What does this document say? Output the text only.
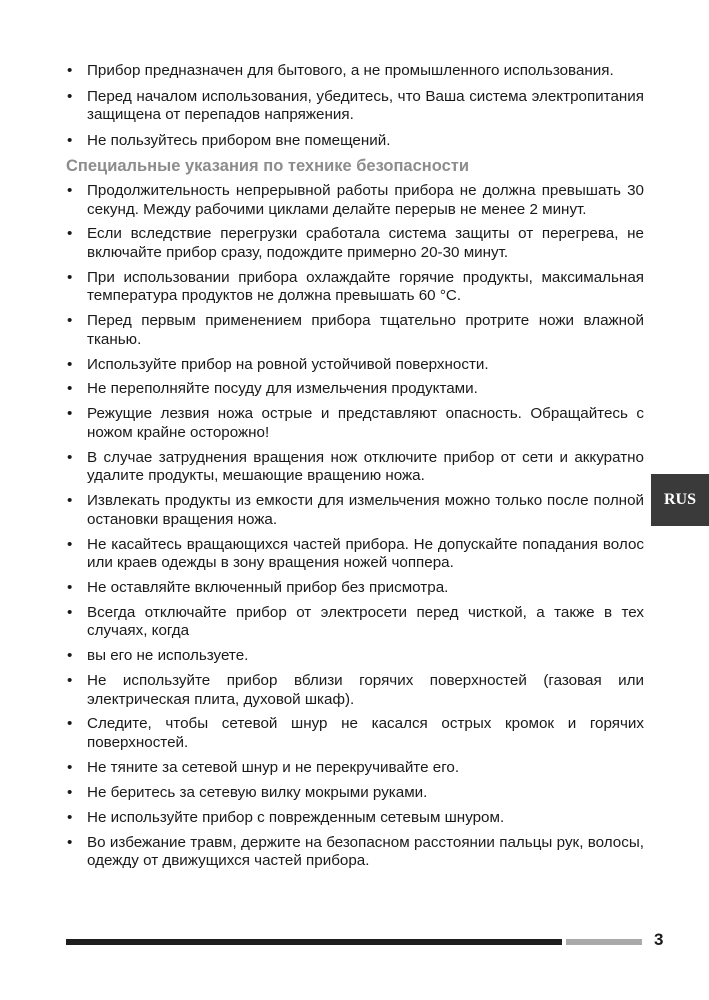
• Прибор предназначен для бытового, а не промышленного использования.
• Перед началом использования, убедитесь, что Ваша система электропитания защищена от перепадов напряжения.
• Не пользуйтесь прибором вне помещений.
Специальные указания по технике безопасности
• Продолжительность непрерывной работы прибора не должна превышать 30 секунд. Между рабочими циклами делайте перерыв не менее 2 минут.
• Если вследствие перегрузки сработала система защиты от перегрева, не включайте прибор сразу, подождите примерно 20-30 минут.
• При использовании прибора охлаждайте горячие продукты, максимальная температура продуктов не должна превышать 60 °С.
• Перед первым применением прибора тщательно протрите ножи влажной тканью.
• Используйте прибор на ровной устойчивой поверхности.
• Не переполняйте посуду для измельчения продуктами.
• Режущие лезвия ножа острые и представляют опасность. Обращайтесь с ножом крайне осторожно!
• В случае затруднения вращения нож отключите прибор от сети и аккуратно удалите продукты, мешающие вращению ножа.
• Извлекать продукты из емкости для измельчения можно только после полной остановки вращения ножа.
• Не касайтесь вращающихся частей прибора. Не допускайте попадания волос или краев одежды в зону вращения ножей чоппера.
• Не оставляйте включенный прибор без присмотра.
• Всегда отключайте прибор от электросети перед чисткой, а также в тех случаях, когда
• вы его не используете.
• Не используйте прибор вблизи горячих поверхностей (газовая или электрическая плита, духовой шкаф).
• Следите, чтобы сетевой шнур не касался острых кромок и горячих поверхностей.
• Не тяните за сетевой шнур и не перекручивайте его.
• Не беритесь за сетевую вилку мокрыми руками.
• Не используйте прибор с поврежденным сетевым шнуром.
• Во избежание травм, держите на безопасном расстоянии пальцы рук, волосы, одежду от движущихся частей прибора.
RUS
3
